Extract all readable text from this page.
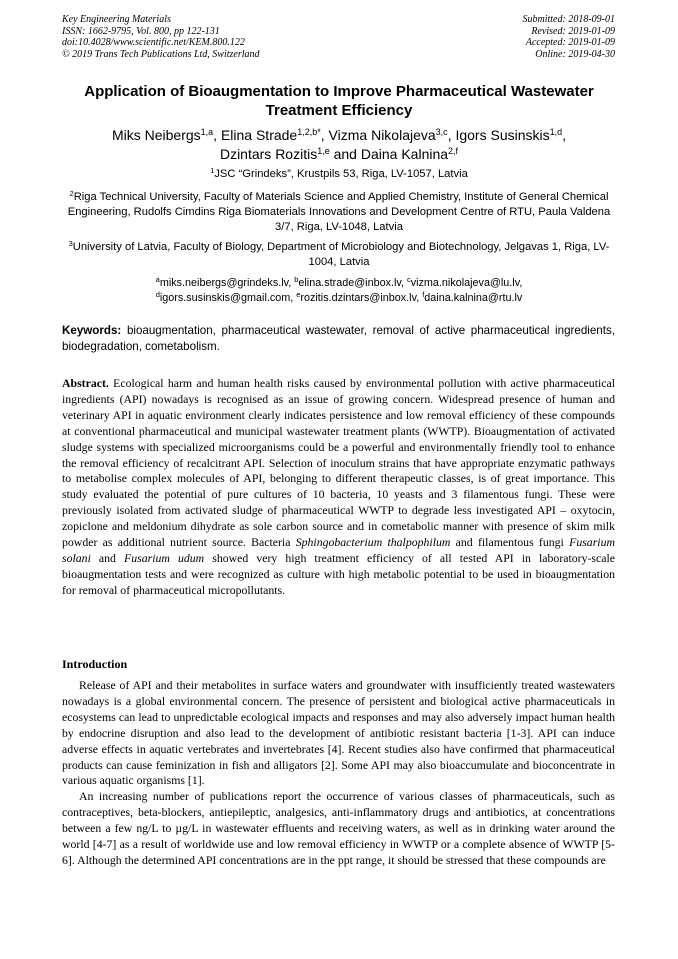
Key Engineering Materials
ISSN: 1662-9795, Vol. 800, pp 122-131
doi:10.4028/www.scientific.net/KEM.800.122
© 2019 Trans Tech Publications Ltd, Switzerland
Submitted: 2018-09-01
Revised: 2019-01-09
Accepted: 2019-01-09
Online: 2019-04-30
Application of Bioaugmentation to Improve Pharmaceutical Wastewater Treatment Efficiency
Miks Neibergs$^{1,a}$, Elina Strade$^{1,2,b*}$, Vizma Nikolajeva$^{3,c}$, Igors Susinskis$^{1,d}$,
Dzintars Rozitis$^{1,e}$ and Daina Kalnina$^{2,f}$
$^1$JSC “Grindeks”, Krustpils 53, Riga, LV-1057, Latvia
$^2$Riga Technical University, Faculty of Materials Science and Applied Chemistry, Institute of General Chemical Engineering, Rudolfs Cimdins Riga Biomaterials Innovations and Development Centre of RTU, Paula Valdena 3/7, Riga, LV-1048, Latvia
$^3$University of Latvia, Faculty of Biology, Department of Microbiology and Biotechnology, Jelgavas 1, Riga, LV-1004, Latvia
$^a$miks.neibergs@grindeks.lv, $^b$elina.strade@inbox.lv, $^c$vizma.nikolajeva@lu.lv,
$^d$igors.susinskis@gmail.com, $^e$rozitis.dzintars@inbox.lv, $^f$daina.kalnina@rtu.lv
Keywords: bioaugmentation, pharmaceutical wastewater, removal of active pharmaceutical ingredients, biodegradation, cometabolism.
Abstract. Ecological harm and human health risks caused by environmental pollution with active pharmaceutical ingredients (API) nowadays is recognised as an issue of growing concern. Widespread presence of human and veterinary API in aquatic environment clearly indicates persistence and low removal efficiency of these compounds at conventional pharmaceutical and municipal wastewater treatment plants (WWTP). Bioaugmentation of activated sludge systems with specialized microorganisms could be a powerful and environmentally friendly tool to enhance the removal efficiency of recalcitrant API. Selection of inoculum strains that have appropriate enzymatic pathways to metabolise complex molecules of API, belonging to different therapeutic classes, is of great importance. This study evaluated the potential of pure cultures of 10 bacteria, 10 yeasts and 3 filamentous fungi. These were previously isolated from activated sludge of pharmaceutical WWTP to degrade less investigated API – oxytocin, zopiclone and meldonium dihydrate as sole carbon source and in cometabolic manner with presence of skim milk powder as additional nutrient source. Bacteria Sphingobacterium thalpophilum and filamentous fungi Fusarium solani and Fusarium udum showed very high treatment efficiency of all tested API in laboratory-scale bioaugmentation tests and were recognized as culture with high metabolic potential to be used in bioaugmentation for removal of pharmaceutical micropollutants.
Introduction

Release of API and their metabolites in surface waters and groundwater with insufficiently treated wastewaters nowadays is a global environmental concern. The presence of persistent and biological active pharmaceuticals in ecosystems can lead to unpredictable ecological impacts and responses and may also adversely impact human health by endocrine disruption and also lead to the development of antibiotic resistant bacteria [1-3]. API can induce adverse effects in aquatic vertebrates and invertebrates [4]. Recent studies also have confirmed that pharmaceutical products can cause feminization in fish and alligators [2]. Some API may also bioaccumulate and bioconcentrate in various aquatic organisms [1].

An increasing number of publications report the occurrence of various classes of pharmaceuticals, such as contraceptives, beta-blockers, antiepileptic, analgesics, anti-inflammatory drugs and antibiotics, at concentrations between a few ng/L to µg/L in wastewater effluents and receiving waters, as well as in drinking water around the world [4-7] as a result of worldwide use and low removal efficiency in WWTP or a complete absence of WWTP [5-6]. Although the determined API concentrations are in the ppt range, it should be stressed that these compounds are
